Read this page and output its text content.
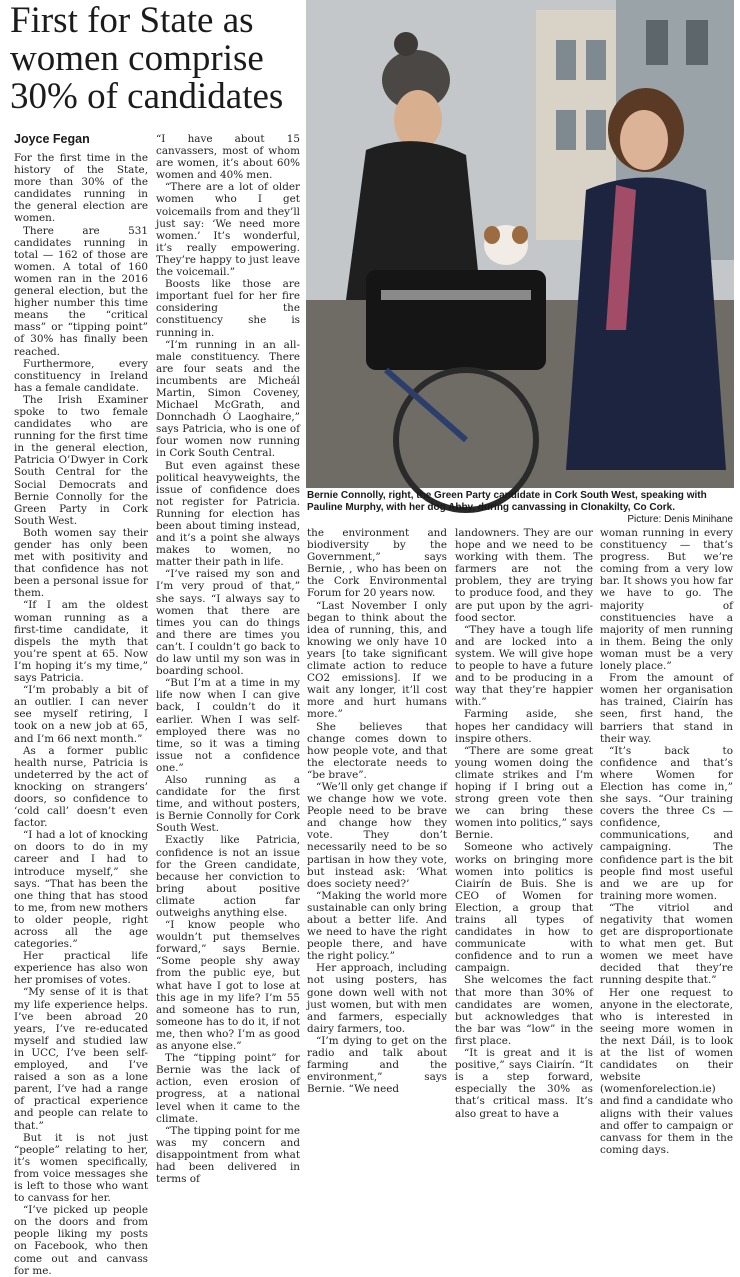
First for State as
women comprise
30% of candidates
Joyce Fegan

For the first time in the history of the State, more than 30% of the candidates running in the general election are women.

There are 531 candidates running in total — 162 of those are women. A total of 160 women ran in the 2016 general election, but the higher number this time means the “critical mass” or “tipping point” of 30% has finally been reached.

Furthermore, every constituency in Ireland has a female candidate.

The Irish Examiner spoke to two female candidates who are running for the first time in the general election, Patricia O’Dwyer in Cork South Central for the Social Democrats and Bernie Connolly for the Green Party in Cork South West.

Both women say their gender has only been met with positivity and that confidence has not been a personal issue for them.

“If I am the oldest woman running as a first-time candidate, it dispels the myth that you’re spent at 65. Now I’m hoping it’s my time,” says Patricia.

“I’m probably a bit of an outlier. I can never see myself retiring, I took on a new job at 65, and I’m 66 next month.”

As a former public health nurse, Patricia is undeterred by the act of knocking on strangers’ doors, so confidence to ‘cold call’ doesn’t even factor.

“I had a lot of knocking on doors to do in my career and I had to introduce myself,” she says. “That has been the one thing that has stood to me, from new mothers to older people, right across all the age categories.”

Her practical life experience has also won her promises of votes.

“My sense of it is that my life experience helps. I’ve been abroad 20 years, I’ve re-educated myself and studied law in UCC, I’ve been self-employed, and I’ve raised a son as a lone parent, I’ve had a range of practical experience and people can relate to that.”

But it is not just “people” relating to her, it’s women specifically, from voice messages she is left to those who want to canvass for her.

“I’ve picked up people on the doors and from people liking my posts on Facebook, who then come out and canvass for me.

“I have about 15 canvassers, most of whom are women, it’s about 60% women and 40% men.

“There are a lot of older women who I get voicemails from and they’ll just say: ‘We need more women.’ It’s wonderful, it’s really empowering. They’re happy to just leave the voicemail.”

Boosts like those are important fuel for her fire considering the constituency she is running in.

“I’m running in an all-male constituency. There are four seats and the incumbents are Micheál Martin, Simon Coveney, Michael McGrath, and Donnchadh Ó Laoghaire,” says Patricia, who is one of four women now running in Cork South Central.

But even against these political heavyweights, the issue of confidence does not register for Patricia. Running for election has been about timing instead, and it’s a point she always makes to women, no matter their path in life.

“I’ve raised my son and I’m very proud of that,” she says. “I always say to women that there are times you can do things and there are times you can’t. I couldn’t go back to do law until my son was in boarding school.

“But I’m at a time in my life now when I can give back, I couldn’t do it earlier. When I was self-employed there was no time, so it was a timing issue not a confidence one.”

Also running as a candidate for the first time, and without posters, is Bernie Connolly for Cork South West.

Exactly like Patricia, confidence is not an issue for the Green candidate, because her conviction to bring about positive climate action far outweighs anything else.

“I know people who wouldn’t put themselves forward,” says Bernie. “Some people shy away from the public eye, but what have I got to lose at this age in my life? I’m 55 and someone has to run, someone has to do it, if not me, then who? I’m as good as anyone else.”

The “tipping point” for Bernie was the lack of action, even erosion of progress, at a national level when it came to the climate.

“The tipping point for me was my concern and disappointment from what had been delivered in terms of

Bernie Connolly, right, the Green Party candidate in Cork South West, speaking with Pauline Murphy, with her dog Abby, during canvassing in Clonakilty, Co Cork.
Picture: Denis Minihane

the environment and biodiversity by the Government,” says Bernie, , who has been on the Cork Environmental Forum for 20 years now.

“Last November I only began to think about the idea of running, this, and knowing we only have 10 years [to take significant climate action to reduce CO2 emissions]. If we wait any longer, it’ll cost more and hurt humans more.”

She believes that change comes down to how people vote, and that the electorate needs to “be brave”.

“We’ll only get change if we change how we vote. People need to be brave and change how they vote. They don’t necessarily need to be so partisan in how they vote, but instead ask: ‘What does society need?’

“Making the world more sustainable can only bring about a better life. And we need to have the right people there, and have the right policy.”

Her approach, including not using posters, has gone down well with not just women, but with men and farmers, especially dairy farmers, too.

“I’m dying to get on the radio and talk about farming and the environment,” says Bernie. “We need

landowners. They are our hope and we need to be working with them. The farmers are not the problem, they are trying to produce food, and they are put upon by the agri-food sector.

“They have a tough life and are locked into a system. We will give hope to people to have a future and to be producing in a way that they’re happier with.”

Farming aside, she hopes her candidacy will inspire others.

“There are some great young women doing the climate strikes and I’m hoping if I bring out a strong green vote then we can bring these women into politics,” says Bernie.

Someone who actively works on bringing more women into politics is Ciairín de Buis. She is CEO of Women for Election, a group that trains all types of candidates in how to communicate with confidence and to run a campaign.

She welcomes the fact that more than 30% of candidates are women, but acknowledges that the bar was “low” in the first place.

“It is great and it is positive,” says Ciairín. “It is a step forward, especially the 30% as that’s critical mass. It’s also great to have a

woman running in every constituency — that’s progress. But we’re coming from a very low bar. It shows you how far we have to go. The majority of constituencies have a majority of men running in them. Being the only woman must be a very lonely place.”

From the amount of women her organisation has trained, Ciairín has seen, first hand, the barriers that stand in their way.

“It’s back to confidence and that’s where Women for Election has come in,” she says. “Our training covers the three Cs — confidence, communications, and campaigning. The confidence part is the bit people find most useful and we are up for training more women.

“The vitriol and negativity that women get are disproportionate to what men get. But women we meet have decided that they’re running despite that.”

Her one request to anyone in the electorate, who is interested in seeing more women in the next Dáil, is to look at the list of women candidates on their website (womenforelection.ie) and find a candidate who aligns with their values and offer to campaign or canvass for them in the coming days.
